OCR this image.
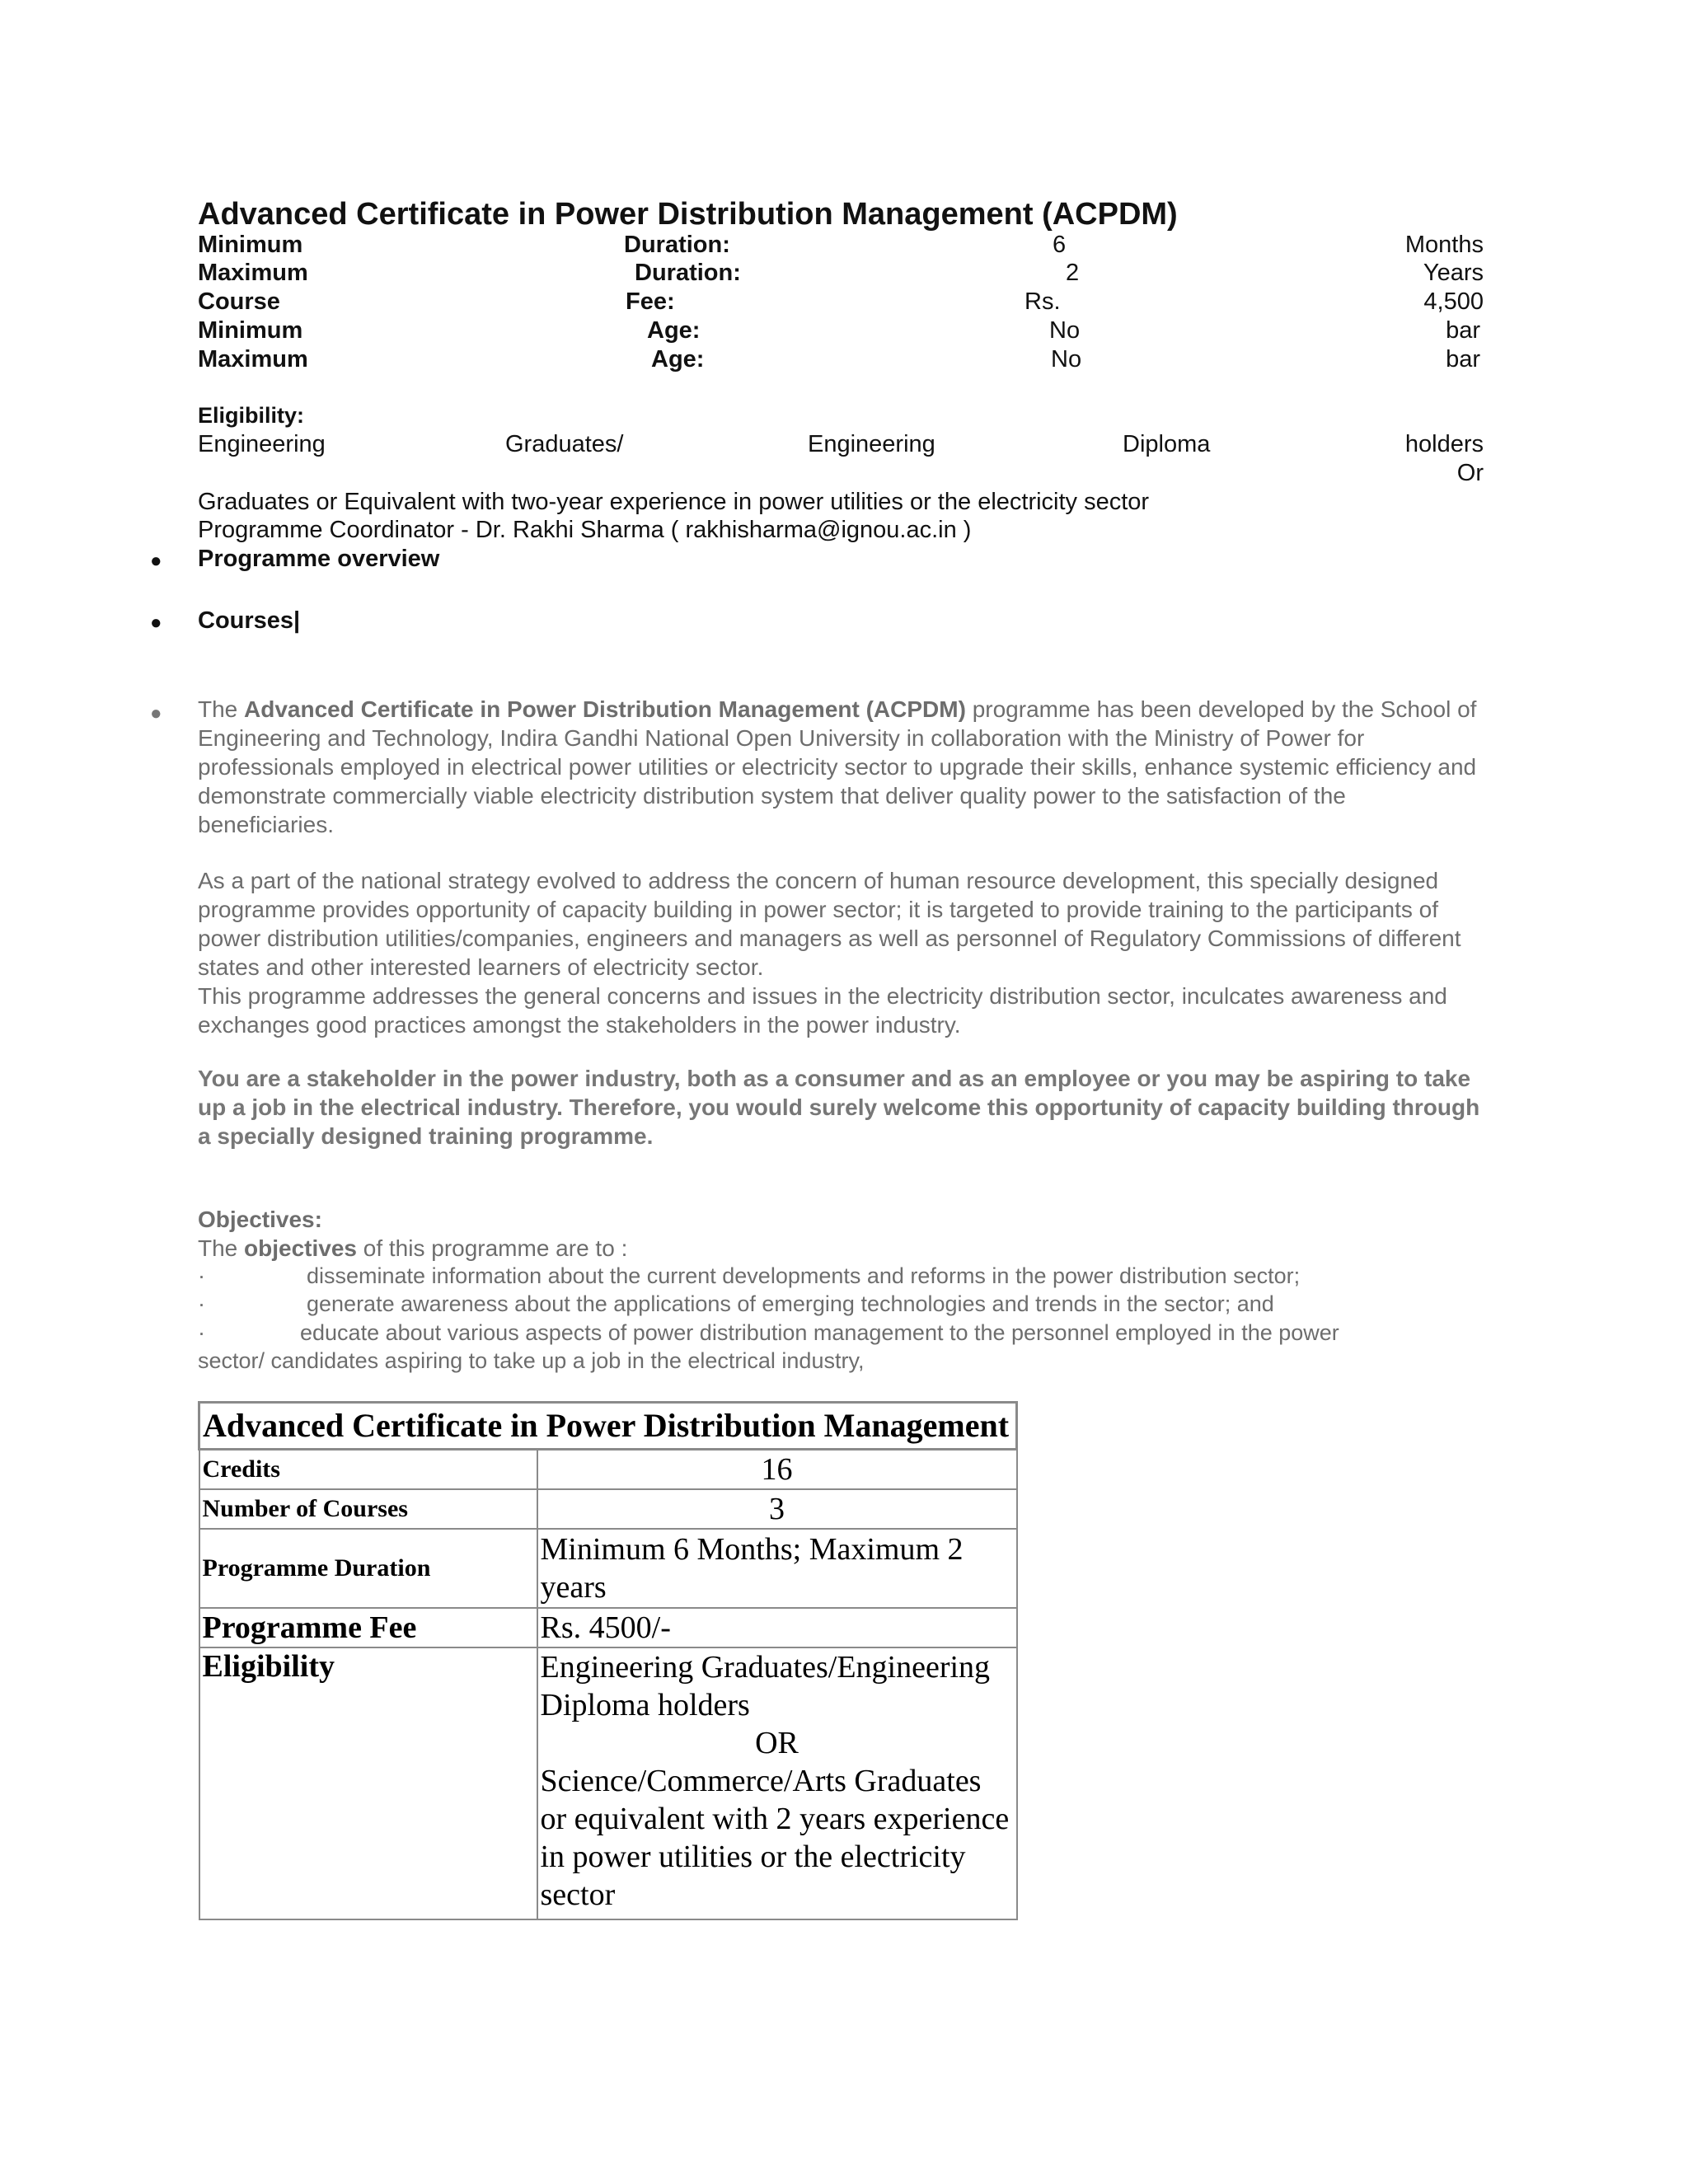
Advanced Certificate in Power Distribution Management (ACPDM)
Minimum	Duration:	6	Months
Maximum	Duration:	2	Years
Course	Fee:	Rs.	4,500
Minimum	Age:	No	bar
Maximum	Age:	No	bar
Eligibility:
Engineering	Graduates/	Engineering	Diploma	holders
Or
Graduates or Equivalent with two-year experience in power utilities or the electricity sector
Programme Coordinator - Dr. Rakhi Sharma ( rakhisharma@ignou.ac.in )
● Programme overview
● Courses|
● The Advanced Certificate in Power Distribution Management (ACPDM) programme has been developed by the School of Engineering and Technology, Indira Gandhi National Open University in collaboration with the Ministry of Power for professionals employed in electrical power utilities or electricity sector to upgrade their skills, enhance systemic efficiency and demonstrate commercially viable electricity distribution system that deliver quality power to the satisfaction of the beneficiaries.

As a part of the national strategy evolved to address the concern of human resource development, this specially designed programme provides opportunity of capacity building in power sector; it is targeted to provide training to the participants of power distribution utilities/companies, engineers and managers as well as personnel of Regulatory Commissions of different states and other interested learners of electricity sector.

This programme addresses the general concerns and issues in the electricity distribution sector, inculcates awareness and exchanges good practices amongst the stakeholders in the power industry.

You are a stakeholder in the power industry, both as a consumer and as an employee or you may be aspiring to take up a job in the electrical industry. Therefore, you would surely welcome this opportunity of capacity building through a specially designed training programme.
Objectives:
The objectives of this programme are to :
·	disseminate information about the current developments and reforms in the power distribution sector;
·	generate awareness about the applications of emerging technologies and trends in the sector; and
·	educate about various aspects of power distribution management to the personnel employed in the power
sector/ candidates aspiring to take up a job in the electrical industry,
Advanced Certificate in Power Distribution Management	
Credits	16
Number of Courses	3
Programme Duration	Minimum 6 Months; Maximum 2 years
Programme Fee	Rs. 4500/-
Eligibility	Engineering Graduates/Engineering Diploma holders
OR
Science/Commerce/Arts Graduates or equivalent with 2 years experience in power utilities or the electricity sector
